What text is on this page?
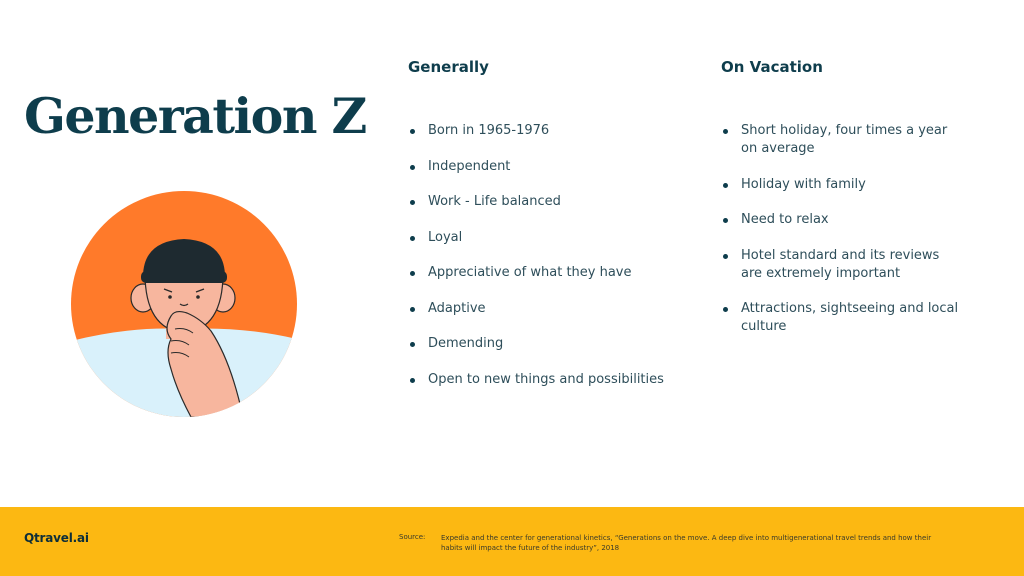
Generation Z
Generally
Born in 1965-1976
Independent
Work - Life balanced
Loyal
Appreciative of what they have
Adaptive
Demending
Open to new things and possibilities
On Vacation
Short holiday, four times a year on average
Holiday with family
Need to relax
Hotel standard and its reviews are extremely important
Attractions, sightseeing and local culture
Qtravel.ai	Source: Expedia and the center for generational kinetics, “Generations on the move. A deep dive into multigenerational travel trends and how their habits will impact the future of the industry”, 2018
